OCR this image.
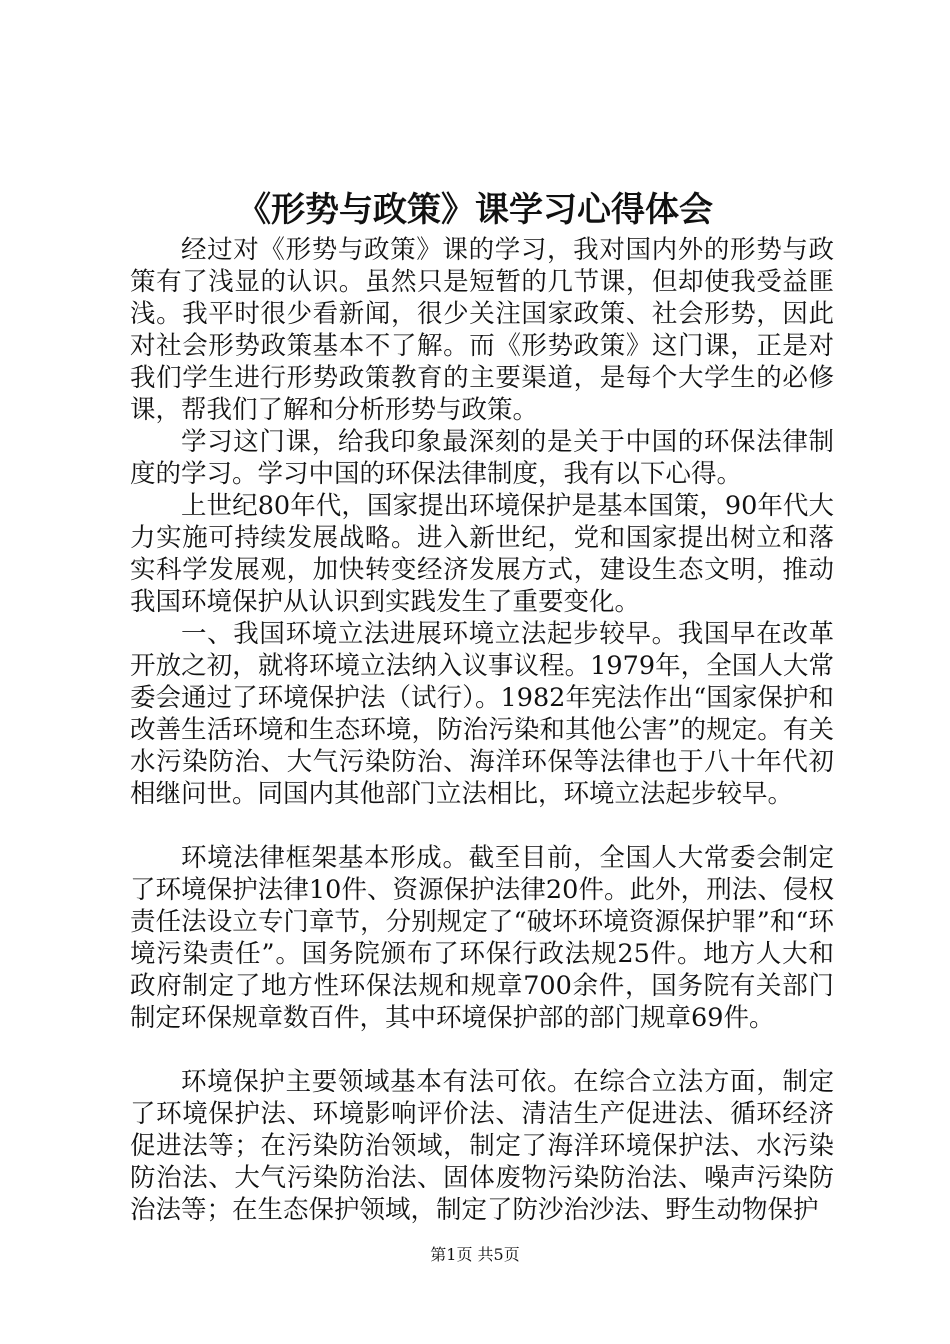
《形势与政策》课学习心得体会

经过对《形势与政策》课的学习，我对国内外的形势与政策有了浅显的认识。虽然只是短暂的几节课，但却使我受益匪浅。我平时很少看新闻，很少关注国家政策、社会形势，因此对社会形势政策基本不了解。而《形势政策》这门课，正是对我们学生进行形势政策教育的主要渠道，是每个大学生的必修课，帮我们了解和分析形势与政策。

学习这门课，给我印象最深刻的是关于中国的环保法律制度的学习。学习中国的环保法律制度，我有以下心得。

上世纪80年代，国家提出环境保护是基本国策，90年代大力实施可持续发展战略。进入新世纪，党和国家提出树立和落实科学发展观，加快转变经济发展方式，建设生态文明，推动我国环境保护从认识到实践发生了重要变化。

一、我国环境立法进展环境立法起步较早。我国早在改革开放之初，就将环境立法纳入议事议程。1979年，全国人大常委会通过了环境保护法（试行）。1982年宪法作出“国家保护和改善生活环境和生态环境，防治污染和其他公害”的规定。有关水污染防治、大气污染防治、海洋环保等法律也于八十年代初相继问世。同国内其他部门立法相比，环境立法起步较早。

环境法律框架基本形成。截至目前，全国人大常委会制定了环境保护法律10件、资源保护法律20件。此外，刑法、侵权责任法设立专门章节，分别规定了“破坏环境资源保护罪”和“环境污染责任”。国务院颁布了环保行政法规25件。地方人大和政府制定了地方性环保法规和规章700余件，国务院有关部门制定环保规章数百件，其中环境保护部的部门规章69件。

环境保护主要领域基本有法可依。在综合立法方面，制定了环境保护法、环境影响评价法、清洁生产促进法、循环经济促进法等；在污染防治领域，制定了海洋环境保护法、水污染防治法、大气污染防治法、固体废物污染防治法、噪声污染防治法等；在生态保护领域，制定了防沙治沙法、野生动物保护

第1页 共5页
